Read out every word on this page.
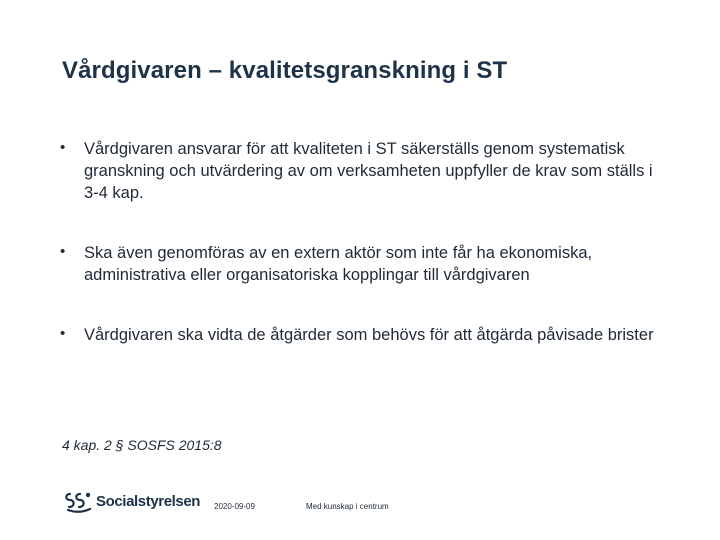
Vårdgivaren – kvalitetsgranskning i ST
• Vårdgivaren ansvarar för att kvaliteten i ST säkerställs genom systematisk granskning och utvärdering av om verksamheten uppfyller de krav som ställs i 3-4 kap.
• Ska även genomföras av en extern aktör som inte får ha ekonomiska, administrativa eller organisatoriska kopplingar till vårdgivaren
• Vårdgivaren ska vidta de åtgärder som behövs för att åtgärda påvisade brister
4 kap. 2 § SOSFS 2015:8
Socialstyrelsen 2020-09-09	Med kunskap i centrum
